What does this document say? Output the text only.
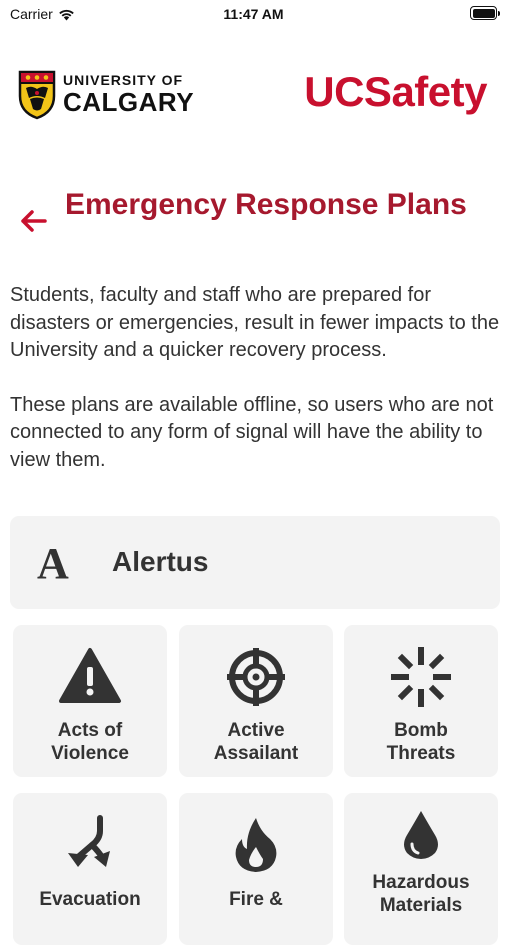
Carrier	11:47 AM
UNIVERSITY OF
CALGARY	UCSafety
Emergency Response Plans

Students, faculty and staff who are prepared for disasters or emergencies, result in fewer impacts to the University and a quicker recovery process.

These plans are available offline, so users who are not connected to any form of signal will have the ability to view them.

A Alertus
Acts of
Violence
Active
Assailant
Bomb
Threats
Evacuation	Fire &
Hazardous
Materials
